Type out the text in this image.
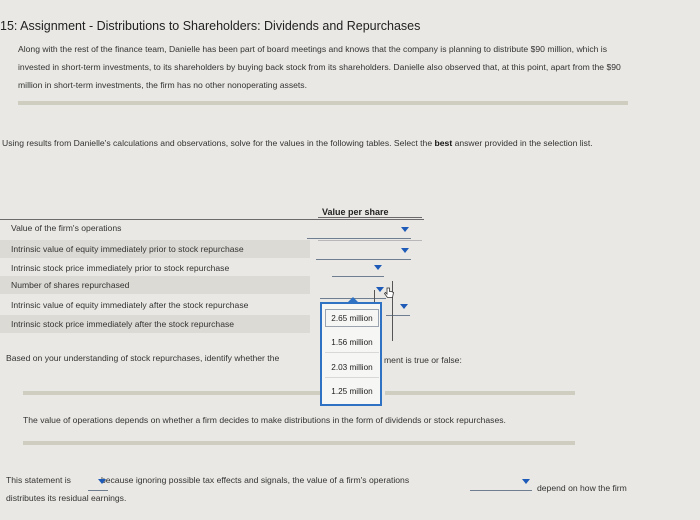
15: Assignment - Distributions to Shareholders: Dividends and Repurchases
Along with the rest of the finance team, Danielle has been part of board meetings and knows that the company is planning to distribute $90 million, which is invested in short-term investments, to its shareholders by buying back stock from its shareholders. Danielle also observed that, at this point, apart from the $90 million in short-term investments, the firm has no other nonoperating assets.
Using results from Danielle's calculations and observations, solve for the values in the following tables. Select the best answer provided in the selection list.
Value per share
Value of the firm's operations
Intrinsic value of equity immediately prior to stock repurchase
Intrinsic stock price immediately prior to stock repurchase
Number of shares repurchased
Intrinsic value of equity immediately after the stock repurchase
Intrinsic stock price immediately after the stock repurchase
2.65 million
1.56 million
2.03 million
1.25 million
Based on your understanding of stock repurchases, identify whether the	ment is true or false:
The value of operations depends on whether a firm decides to make distributions in the form of dividends or stock repurchases.
This statement is	because ignoring possible tax effects and signals, the value of a firm's operations
depend on how the firm
distributes its residual earnings.
